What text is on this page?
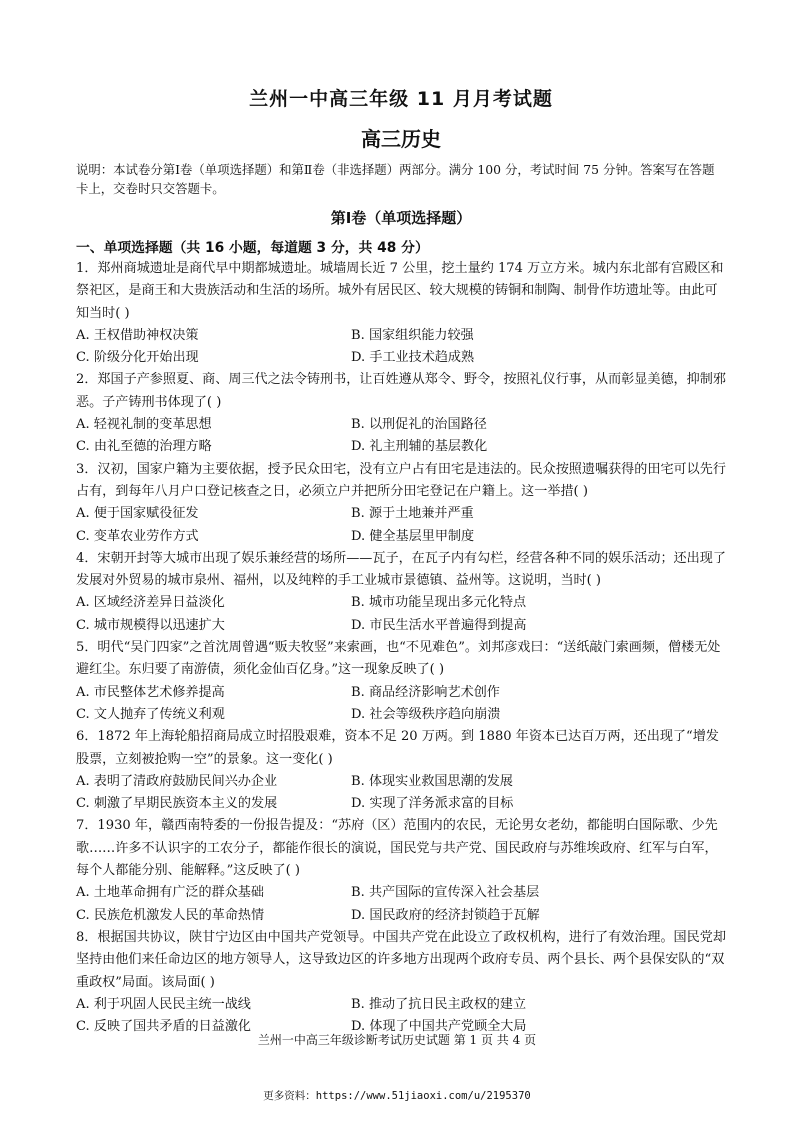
兰州一中高三年级 11 月月考试题
高三历史
说明：本试卷分第Ⅰ卷（单项选择题）和第Ⅱ卷（非选择题）两部分。满分 100 分，考试时间 75 分钟。答案写在答题卡上，交卷时只交答题卡。
第Ⅰ卷（单项选择题）
一、单项选择题（共 16 小题，每道题 3 分，共 48 分）
1．郑州商城遗址是商代早中期都城遗址。城墙周长近 7 公里，挖土量约 174 万立方米。城内东北部有宫殿区和祭祀区，是商王和大贵族活动和生活的场所。城外有居民区、较大规模的铸铜和制陶、制骨作坊遗址等。由此可知当时( )
A. 王权借助神权决策	B. 国家组织能力较强
C. 阶级分化开始出现	D. 手工业技术趋成熟
2．郑国子产参照夏、商、周三代之法令铸刑书，让百姓遵从郑令、野令，按照礼仪行事，从而彰显美德，抑制邪恶。子产铸刑书体现了( )
A. 轻视礼制的变革思想	B. 以刑促礼的治国路径
C. 由礼至德的治理方略	D. 礼主刑辅的基层教化
3．汉初，国家户籍为主要依据，授予民众田宅，没有立户占有田宅是违法的。民众按照遗嘱获得的田宅可以先行占有，到每年八月户口登记核查之日，必须立户并把所分田宅登记在户籍上。这一举措( )
A. 便于国家赋役征发	B. 源于土地兼并严重
C. 变革农业劳作方式	D. 健全基层里甲制度
4．宋朝开封等大城市出现了娱乐兼经营的场所——瓦子，在瓦子内有勾栏，经营各种不同的娱乐活动；还出现了发展对外贸易的城市泉州、福州，以及纯粹的手工业城市景德镇、益州等。这说明，当时( )
A. 区域经济差异日益淡化	B. 城市功能呈现出多元化特点
C. 城市规模得以迅速扩大	D. 市民生活水平普遍得到提高
5．明代“吴门四家”之首沈周曾遇“贩夫牧竖”来索画，也“不见难色”。刘邦彦戏曰：“送纸敲门索画频，僧楼无处避红尘。东归要了南游债，须化金仙百亿身。”这一现象反映了( )
A. 市民整体艺术修养提高	B. 商品经济影响艺术创作
C. 文人抛弃了传统义利观	D. 社会等级秩序趋向崩溃
6．1872 年上海轮船招商局成立时招股艰难，资本不足 20 万两。到 1880 年资本已达百万两，还出现了“增发股票，立刻被抢购一空”的景象。这一变化( )
A. 表明了清政府鼓励民间兴办企业	B. 体现实业救国思潮的发展
C. 刺激了早期民族资本主义的发展	D. 实现了洋务派求富的目标
7．1930 年，赣西南特委的一份报告提及：“苏府（区）范围内的农民，无论男女老幼，都能明白国际歌、少先歌……许多不认识字的工农分子，都能作很长的演说，国民党与共产党、国民政府与苏维埃政府、红军与白军，每个人都能分别、能解释。”这反映了( )
A. 土地革命拥有广泛的群众基础	B. 共产国际的宣传深入社会基层
C. 民族危机激发人民的革命热情	D. 国民政府的经济封锁趋于瓦解
8．根据国共协议，陕甘宁边区由中国共产党领导。中国共产党在此设立了政权机构，进行了有效治理。国民党却坚持由他们来任命边区的地方领导人，这导致边区的许多地方出现两个政府专员、两个县长、两个县保安队的“双重政权”局面。该局面( )
A. 利于巩固人民民主统一战线	B. 推动了抗日民主政权的建立
C. 反映了国共矛盾的日益激化	D. 体现了中国共产党顾全大局
兰州一中高三年级诊断考试历史试题 第 1 页 共 4 页
更多资料：https://www.51jiaoxi.com/u/2195370
